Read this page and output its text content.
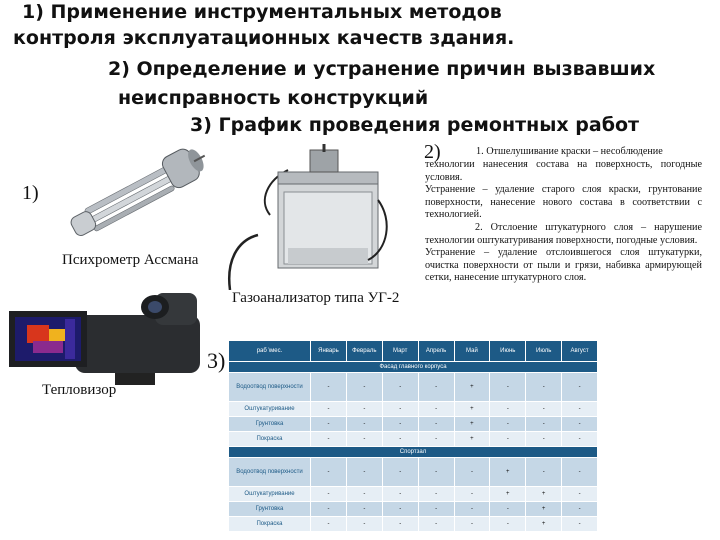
1) Применение инструментальных методов
контроля эксплуатационных качеств здания.
2) Определение и устранение причин вызвавших
неисправность конструкций
3) График проведения ремонтных работ
1)
2)
3)
Психрометр Ассмана
Газоанализатор типа УГ-2
Тепловизор
1. Отшелушивание краски – несоблюдение

технологии нанесения состава на поверхность, погодные условия.

Устранение – удаление старого слоя краски, грунтование поверхности, нанесение нового состава в соответствии с технологией.

2. Отслоение штукатурного слоя – нарушение технологии оштукатуривания поверхности, погодные условия.

Устранение – удаление отслоившегося слоя штукатурки, очистка поверхности от пыли и грязи, набивка армирующей сетки, нанесение штукатурного слоя.

раб \мес.	Январь	Февраль	Март	Апрель	Май	Июнь	Июль	Август
Фасад главного корпуса								
Водоотвод поверхности	-	-	-	-	+	-	-	-
Оштукатуривание	-	-	-	-	+	-	-	-
Грунтовка	-	-	-	-	+	-	-	-
Покраска	-	-	-	-	+	-	-	-
Спортзал								
Водоотвод поверхности	-	-	-	-	-	+	-	-
Оштукатуривание	-	-	-	-	-	+	+	-
Грунтовка	-	-	-	-	-	-	+	-
Покраска	-	-	-	-	-	-	+	-
